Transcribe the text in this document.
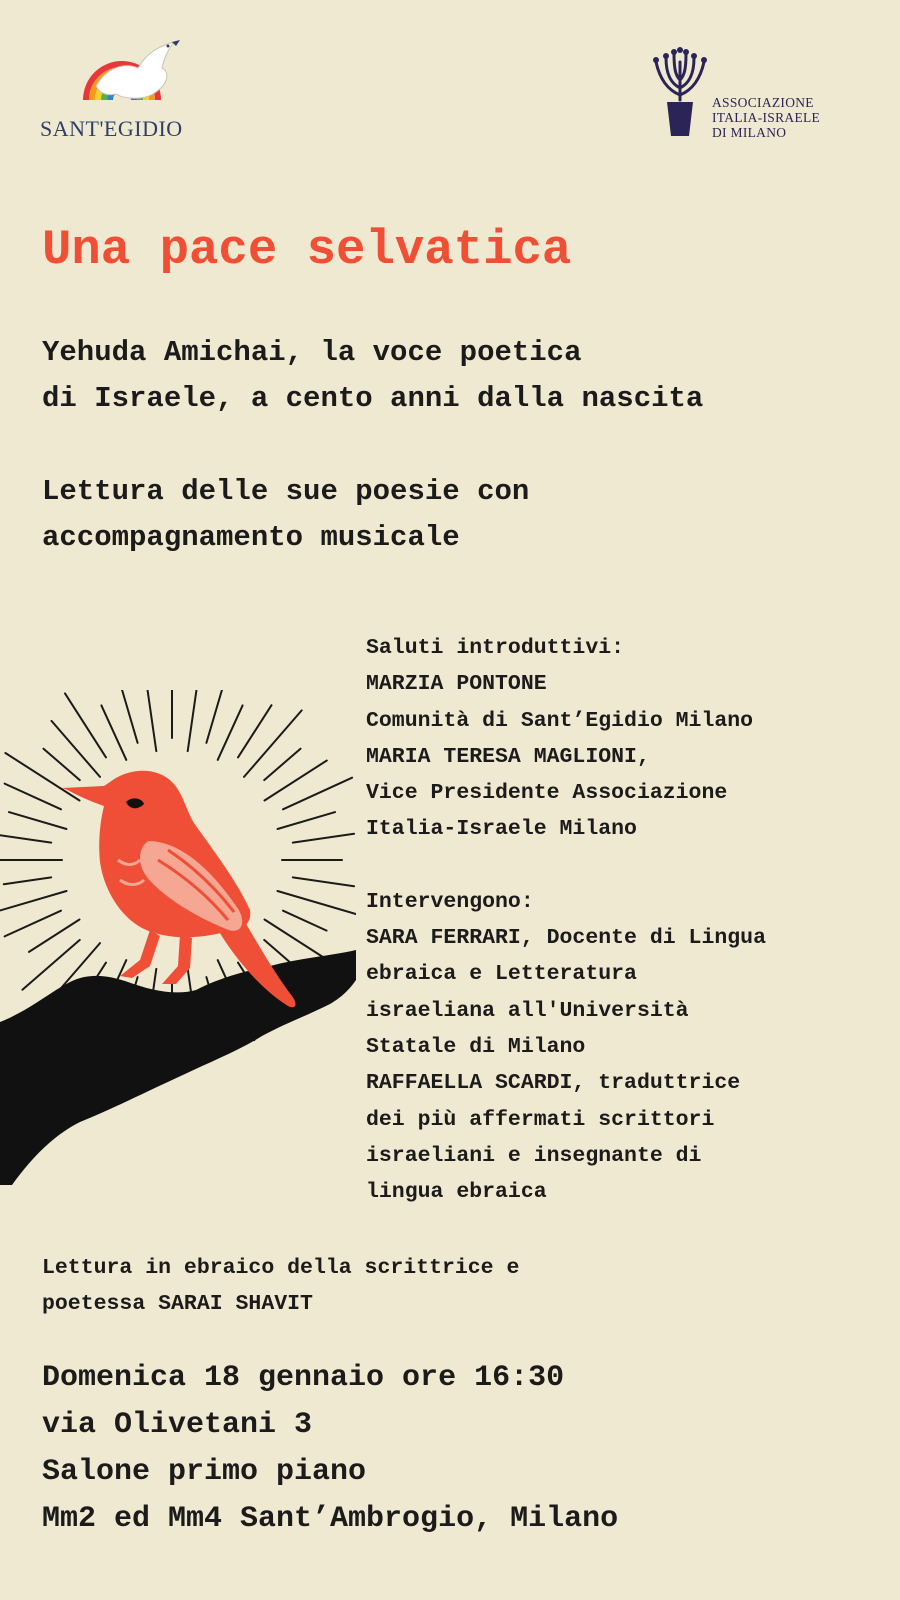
SANT'EGIDIO
ASSOCIAZIONE
ITALIA-ISRAELE
DI MILANO
Una pace selvatica
Yehuda Amichai, la voce poetica
di Israele, a cento anni dalla nascita
Lettura delle sue poesie con
accompagnamento musicale
Saluti introduttivi:
MARZIA PONTONE
Comunità di Sant’Egidio Milano
MARIA TERESA MAGLIONI,
Vice Presidente Associazione
Italia-Israele Milano
Intervengono:
SARA FERRARI, Docente di Lingua
ebraica e Letteratura
israeliana all'Università
Statale di Milano
RAFFAELLA SCARDI, traduttrice
dei più affermati scrittori
israeliani e insegnante di
lingua ebraica
Lettura in ebraico della scrittrice e
poetessa SARAI SHAVIT
Domenica 18 gennaio ore 16:30
via Olivetani 3
Salone primo piano
Mm2 ed Mm4 Sant’Ambrogio, Milano
